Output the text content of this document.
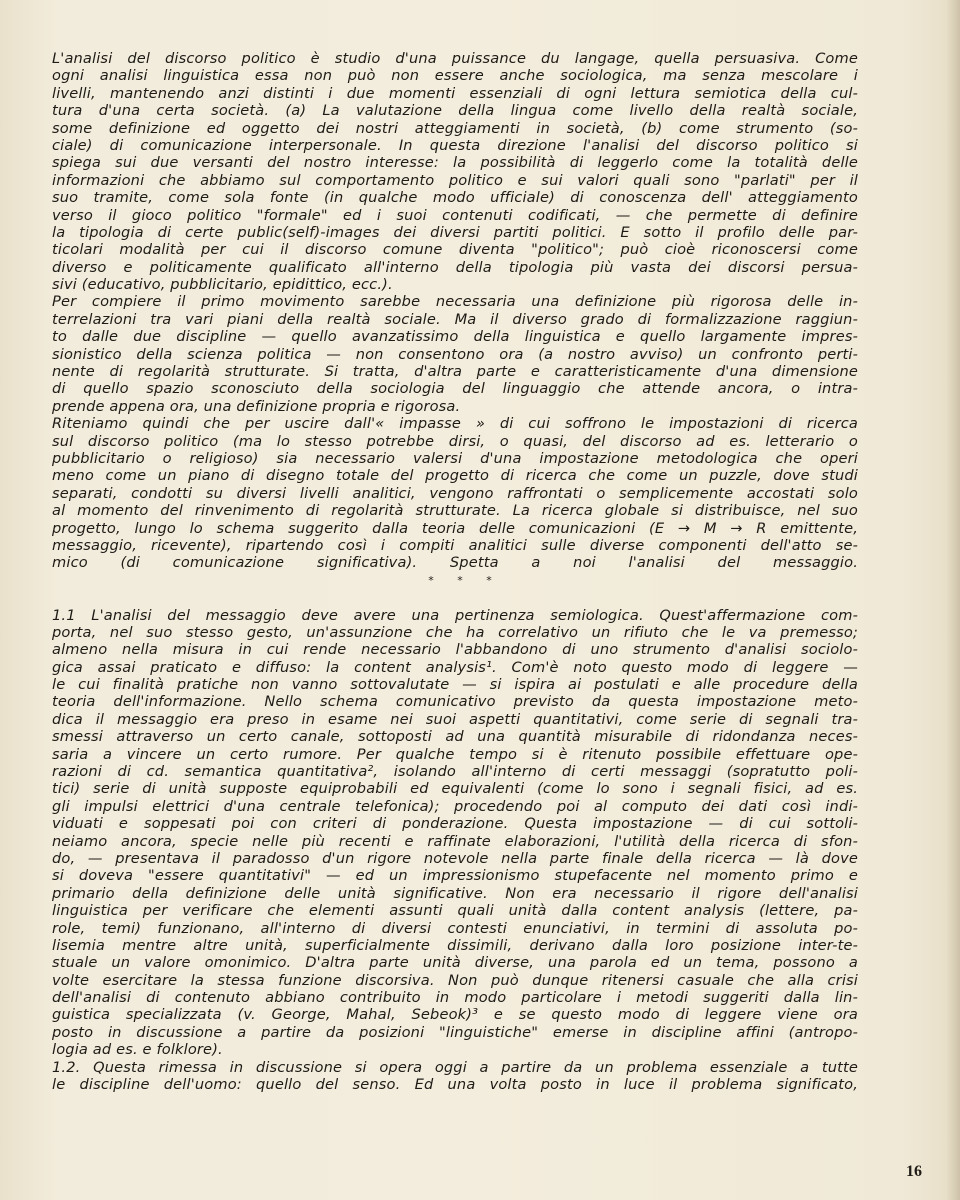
L'analisi del discorso politico è studio d'una puissance du langage, quella persuasiva. Come
ogni analisi linguistica essa non può non essere anche sociologica, ma senza mescolare i
livelli, mantenendo anzi distinti i due momenti essenziali di ogni lettura semiotica della cul-
tura d'una certa società. (a) La valutazione della lingua come livello della realtà sociale,
some definizione ed oggetto dei nostri atteggiamenti in società, (b) come strumento (so-
ciale) di comunicazione interpersonale. In questa direzione l'analisi del discorso politico si
spiega sui due versanti del nostro interesse: la possibilità di leggerlo come la totalità delle
informazioni che abbiamo sul comportamento politico e sui valori quali sono "parlati" per il
suo tramite, come sola fonte (in qualche modo ufficiale) di conoscenza dell' atteggiamento
verso il gioco politico "formale" ed i suoi contenuti codificati, — che permette di definire
la tipologia di certe public(self)-images dei diversi partiti politici. E sotto il profilo delle par-
ticolari modalità per cui il discorso comune diventa "politico"; può cioè riconoscersi come
diverso e politicamente qualificato all'interno della tipologia più vasta dei discorsi persua-
sivi (educativo, pubblicitario, epidittico, ecc.).
Per compiere il primo movimento sarebbe necessaria una definizione più rigorosa delle in-
terrelazioni tra vari piani della realtà sociale. Ma il diverso grado di formalizzazione raggiun-
to dalle due discipline — quello avanzatissimo della linguistica e quello largamente impres-
sionistico della scienza politica — non consentono ora (a nostro avviso) un confronto perti-
nente di regolarità strutturate. Si tratta, d'altra parte e caratteristicamente d'una dimensione
di quello spazio sconosciuto della sociologia del linguaggio che attende ancora, o intra-
prende appena ora, una definizione propria e rigorosa.
Riteniamo quindi che per uscire dall'« impasse » di cui soffrono le impostazioni di ricerca
sul discorso politico (ma lo stesso potrebbe dirsi, o quasi, del discorso ad es. letterario o
pubblicitario o religioso) sia necessario valersi d'una impostazione metodologica che operi
meno come un piano di disegno totale del progetto di ricerca che come un puzzle, dove studi
separati, condotti su diversi livelli analitici, vengono raffrontati o semplicemente accostati solo
al momento del rinvenimento di regolarità strutturate. La ricerca globale si distribuisce, nel suo
progetto, lungo lo schema suggerito dalla teoria delle comunicazioni (E → M → R emittente,
messaggio, ricevente), ripartendo così i compiti analitici sulle diverse componenti dell'atto se-
mico (di comunicazione significativa). Spetta a noi l'analisi del messaggio.
* * *
1.1 L'analisi del messaggio deve avere una pertinenza semiologica. Quest'affermazione com-
porta, nel suo stesso gesto, un'assunzione che ha correlativo un rifiuto che le va premesso;
almeno nella misura in cui rende necessario l'abbandono di uno strumento d'analisi sociolo-
gica assai praticato e diffuso: la content analysis¹. Com'è noto questo modo di leggere —
le cui finalità pratiche non vanno sottovalutate — si ispira ai postulati e alle procedure della
teoria dell'informazione. Nello schema comunicativo previsto da questa impostazione meto-
dica il messaggio era preso in esame nei suoi aspetti quantitativi, come serie di segnali tra-
smessi attraverso un certo canale, sottoposti ad una quantità misurabile di ridondanza neces-
saria a vincere un certo rumore. Per qualche tempo si è ritenuto possibile effettuare ope-
razioni di cd. semantica quantitativa², isolando all'interno di certi messaggi (sopratutto poli-
tici) serie di unità supposte equiprobabili ed equivalenti (come lo sono i segnali fisici, ad es.
gli impulsi elettrici d'una centrale telefonica); procedendo poi al computo dei dati così indi-
viduati e soppesati poi con criteri di ponderazione. Questa impostazione — di cui sottoli-
neiamo ancora, specie nelle più recenti e raffinate elaborazioni, l'utilità della ricerca di sfon-
do, — presentava il paradosso d'un rigore notevole nella parte finale della ricerca — là dove
si doveva "essere quantitativi" — ed un impressionismo stupefacente nel momento primo e
primario della definizione delle unità significative. Non era necessario il rigore dell'analisi
linguistica per verificare che elementi assunti quali unità dalla content analysis (lettere, pa-
role, temi) funzionano, all'interno di diversi contesti enunciativi, in termini di assoluta po-
lisemia mentre altre unità, superficialmente dissimili, derivano dalla loro posizione inter-te-
stuale un valore omonimico. D'altra parte unità diverse, una parola ed un tema, possono a
volte esercitare la stessa funzione discorsiva. Non può dunque ritenersi casuale che alla crisi
dell'analisi di contenuto abbiano contribuito in modo particolare i metodi suggeriti dalla lin-
guistica specializzata (v. George, Mahal, Sebeok)³ e se questo modo di leggere viene ora
posto in discussione a partire da posizioni "linguistiche" emerse in discipline affini (antropo-
logia ad es. e folklore).
1.2. Questa rimessa in discussione si opera oggi a partire da un problema essenziale a tutte
le discipline dell'uomo: quello del senso. Ed una volta posto in luce il problema significato,
16
